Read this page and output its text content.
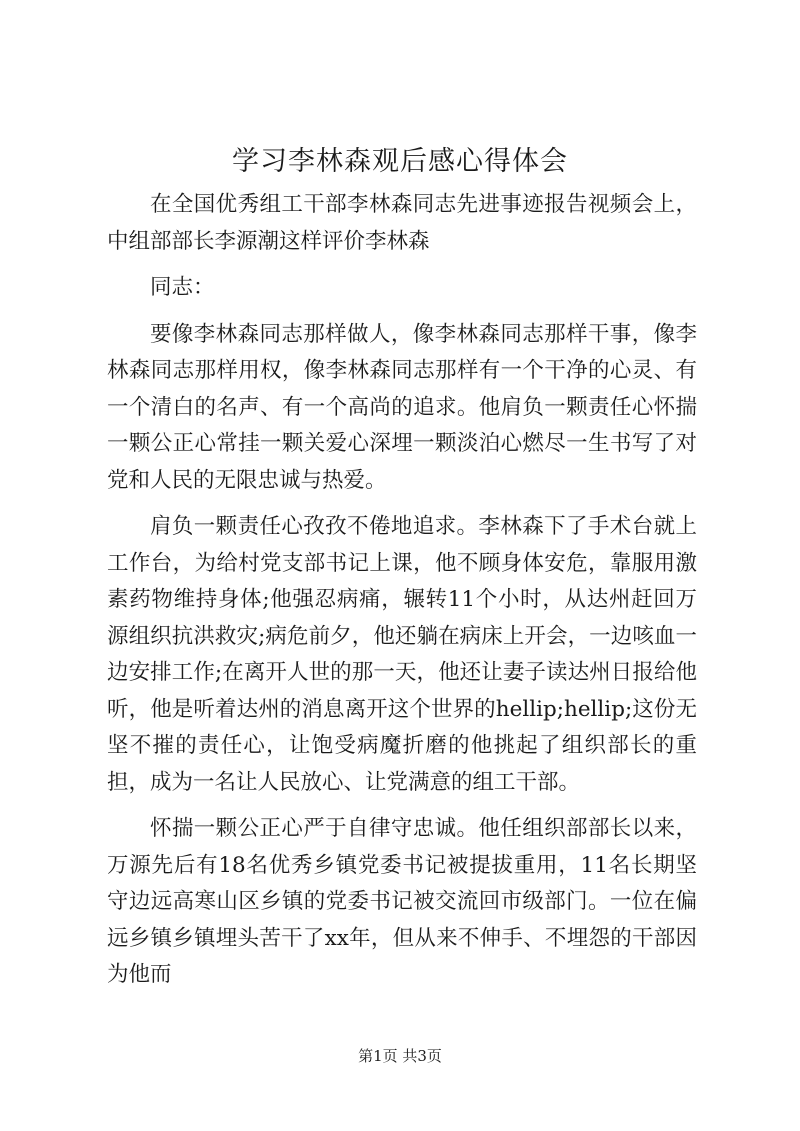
学习李林森观后感心得体会

在全国优秀组工干部李林森同志先进事迹报告视频会上，中组部部长李源潮这样评价李林森

同志：

要像李林森同志那样做人，像李林森同志那样干事，像李林森同志那样用权，像李林森同志那样有一个干净的心灵、有一个清白的名声、有一个高尚的追求。他肩负一颗责任心怀揣一颗公正心常挂一颗关爱心深埋一颗淡泊心燃尽一生书写了对党和人民的无限忠诚与热爱。

肩负一颗责任心孜孜不倦地追求。李林森下了手术台就上工作台，为给村党支部书记上课，他不顾身体安危，靠服用激素药物维持身体;他强忍病痛，辗转11个小时，从达州赶回万源组织抗洪救灾;病危前夕，他还躺在病床上开会，一边咳血一边安排工作;在离开人世的那一天，他还让妻子读达州日报给他听，他是听着达州的消息离开这个世界的hellip;hellip;这份无坚不摧的责任心，让饱受病魔折磨的他挑起了组织部长的重担，成为一名让人民放心、让党满意的组工干部。

怀揣一颗公正心严于自律守忠诚。他任组织部部长以来，万源先后有18名优秀乡镇党委书记被提拔重用，11名长期坚守边远高寒山区乡镇的党委书记被交流回市级部门。一位在偏远乡镇乡镇埋头苦干了xx年，但从来不伸手、不埋怨的干部因为他而

第1页 共3页
